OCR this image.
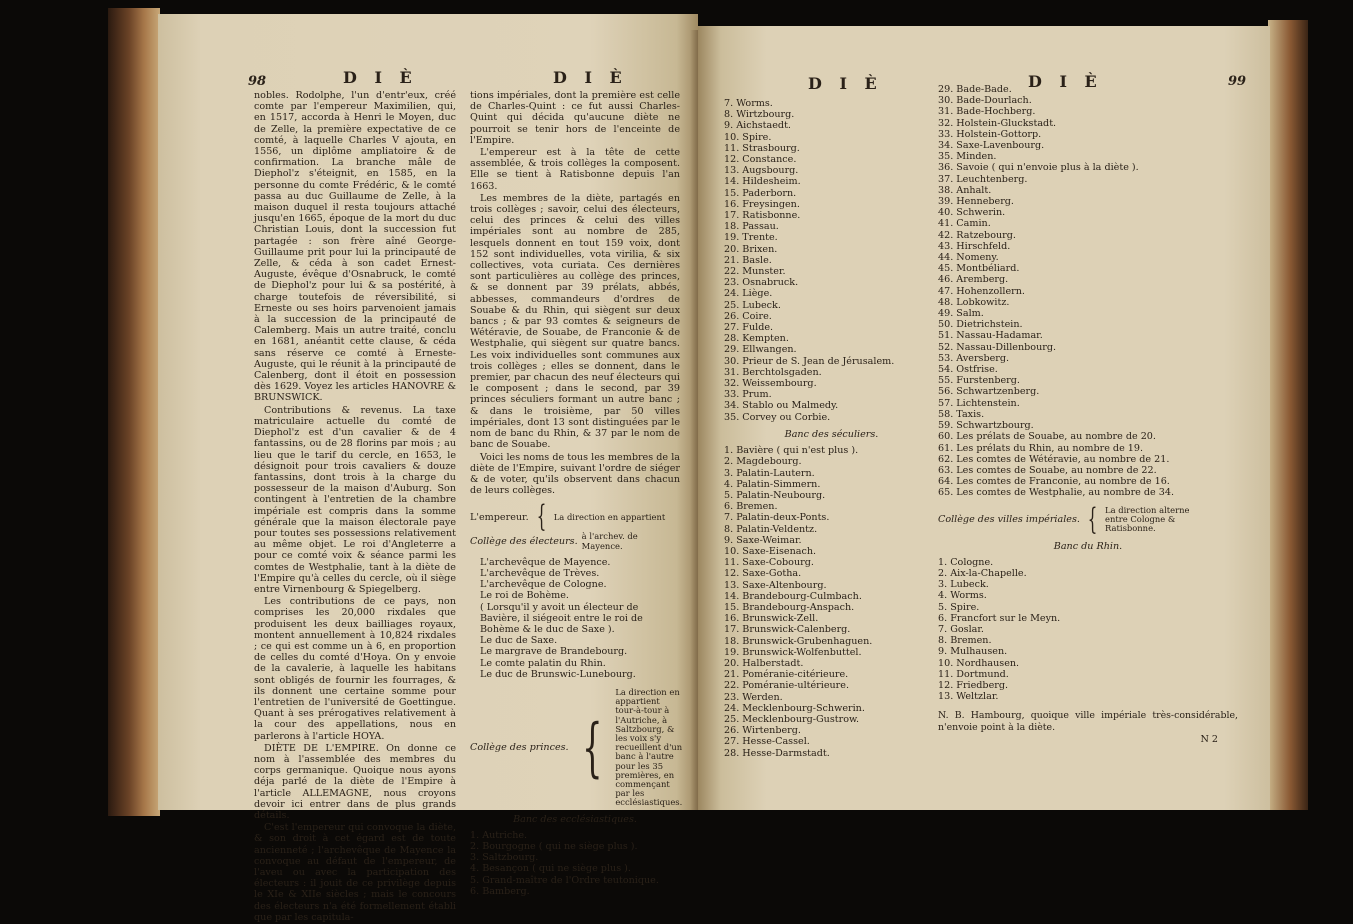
98	D I È	D I È

nobles. Rodolphe, l'un d'entr'eux, créé comte par l'empereur Maximilien, qui, en 1517, accorda à Henri le Moyen, duc de Zelle, la première expectative de ce comté, à laquelle Charles V ajouta, en 1556, un diplôme ampliatoire & de confirmation. La branche mâle de Diephol'z s'éteignit, en 1585, en la personne du comte Frédéric, & le comté passa au duc Guillaume de Zelle, à la maison duquel il resta toujours attaché jusqu'en 1665, époque de la mort du duc Christian Louis, dont la succession fut partagée : son frère aîné George-Guillaume prit pour lui la principauté de Zelle, & céda à son cadet Ernest-Auguste, évêque d'Osnabruck, le comté de Diephol'z pour lui & sa postérité, à charge toutefois de réversibilité, si Erneste ou ses hoirs parvenoient jamais à la succession de la principauté de Calemberg. Mais un autre traité, conclu en 1681, anéantit cette clause, & céda sans réserve ce comté à Erneste-Auguste, qui le réunit à la principauté de Calenberg, dont il étoit en possession dès 1629. Voyez les articles HANOVRE & BRUNSWICK.

Contributions & revenus. La taxe matriculaire actuelle du comté de Diephol'z est d'un cavalier & de 4 fantassins, ou de 28 florins par mois ; au lieu que le tarif du cercle, en 1653, le désignoit pour trois cavaliers & douze fantassins, dont trois à la charge du possesseur de la maison d'Auburg. Son contingent à l'entretien de la chambre impériale est compris dans la somme générale que la maison électorale paye pour toutes ses possessions relativement au même objet. Le roi d'Angleterre a pour ce comté voix & séance parmi les comtes de Westphalie, tant à la diète de l'Empire qu'à celles du cercle, où il siège entre Virnenbourg & Spiegelberg.

Les contributions de ce pays, non comprises les 20,000 rixdales que produisent les deux bailliages royaux, montent annuellement à 10,824 rixdales ; ce qui est comme un à 6, en proportion de celles du comté d'Hoya. On y envoie de la cavalerie, à laquelle les habitans sont obligés de fournir les fourrages, & ils donnent une certaine somme pour l'entretien de l'université de Goettingue. Quant à ses prérogatives relativement à la cour des appellations, nous en parlerons à l'article HOYA.

DIÈTE DE L'EMPIRE. On donne ce nom à l'assemblée des membres du corps germanique. Quoique nous ayons déja parlé de la diète de l'Empire à l'article ALLEMAGNE, nous croyons devoir ici entrer dans de plus grands détails.

C'est l'empereur qui convoque la diète, & son droit à cet égard est de toute ancienneté ; l'archevêque de Mayence la convoque au défaut de l'empereur, de l'aveu ou avec la participation des électeurs : il jouit de ce privilège depuis le XIe & XIIe siècles ; mais le concours des électeurs n'a été formellement établi que par les capitula-

tions impériales, dont la première est celle de Charles-Quint : ce fut aussi Charles-Quint qui décida qu'aucune diète ne pourroit se tenir hors de l'enceinte de l'Empire.

L'empereur est à la tête de cette assemblée, & trois collèges la composent. Elle se tient à Ratisbonne depuis l'an 1663.

Les membres de la diète, partagés en trois collèges ; savoir, celui des électeurs, celui des princes & celui des villes impériales sont au nombre de 285, lesquels donnent en tout 159 voix, dont 152 sont individuelles, vota virilia, & six collectives, vota curiata. Ces dernières sont particulières au collège des princes, & se donnent par 39 prélats, abbés, abbesses, commandeurs d'ordres de Souabe & du Rhin, qui siègent sur deux bancs ; & par 93 comtes & seigneurs de Wétéravie, de Souabe, de Franconie & de Westphalie, qui siègent sur quatre bancs. Les voix individuelles sont communes aux trois collèges ; elles se donnent, dans le premier, par chacun des neuf électeurs qui le composent ; dans le second, par 39 princes séculiers formant un autre banc ; & dans le troisième, par 50 villes impériales, dont 13 sont distinguées par le nom de banc du Rhin, & 37 par le nom de banc de Souabe.

Voici les noms de tous les membres de la diète de l'Empire, suivant l'ordre de siéger & de voter, qu'ils observent dans chacun de leurs collèges.

L'empereur. { La direction en appartient
Collège des électeurs. à l'archev. de Mayence.
L'archevêque de Mayence.
L'archevêque de Trèves.
L'archevêque de Cologne.
Le roi de Bohème.
( Lorsqu'il y avoit un électeur de Bavière, il siégeoit entre le roi de Bohème & le duc de Saxe ).
Le duc de Saxe.
Le margrave de Brandebourg.
Le comte palatin du Rhin.
Le duc de Brunswic-Lunebourg.
Collège des princes. {
La direction en appartient tour-à-tour à l'Autriche, à Saltzbourg, & les voix s'y recueillent d'un banc à l'autre pour les 35 premières, en commençant par les ecclésiastiques.
Banc des ecclésiastiques.
1. Autriche.
2. Bourgogne ( qui ne siège plus ).
3. Saltzbourg.
4. Besançon ( qui ne siège plus ).
5. Grand-maître de l'Ordre teutonique.
6. Bamberg.
D I È	D I È	99
7. Worms.
8. Wirtzbourg.
9. Aichstaedt.
10. Spire.
11. Strasbourg.
12. Constance.
13. Augsbourg.
14. Hildesheim.
15. Paderborn.
16. Freysingen.
17. Ratisbonne.
18. Passau.
19. Trente.
20. Brixen.
21. Basle.
22. Munster.
23. Osnabruck.
24. Liège.
25. Lubeck.
26. Coire.
27. Fulde.
28. Kempten.
29. Ellwangen.
30. Prieur de S. Jean de Jérusalem.
31. Berchtolsgaden.
32. Weissembourg.
33. Prum.
34. Stablo ou Malmedy.
35. Corvey ou Corbie.
Banc des séculiers.
1. Bavière ( qui n'est plus ).
2. Magdebourg.
3. Palatin-Lautern.
4. Palatin-Simmern.
5. Palatin-Neubourg.
6. Bremen.
7. Palatin-deux-Ponts.
8. Palatin-Veldentz.
9. Saxe-Weimar.
10. Saxe-Eisenach.
11. Saxe-Cobourg.
12. Saxe-Gotha.
13. Saxe-Altenbourg.
14. Brandebourg-Culmbach.
15. Brandebourg-Anspach.
16. Brunswick-Zell.
17. Brunswick-Calenberg.
18. Brunswick-Grubenhaguen.
19. Brunswick-Wolfenbuttel.
20. Halberstadt.
21. Poméranie-citérieure.
22. Poméranie-ultérieure.
23. Werden.
24. Mecklenbourg-Schwerin.
25. Mecklenbourg-Gustrow.
26. Wirtenberg.
27. Hesse-Cassel.
28. Hesse-Darmstadt.
29. Bade-Bade.
30. Bade-Dourlach.
31. Bade-Hochberg.
32. Holstein-Gluckstadt.
33. Holstein-Gottorp.
34. Saxe-Lavenbourg.
35. Minden.
36. Savoie ( qui n'envoie plus à la diète ).
37. Leuchtenberg.
38. Anhalt.
39. Henneberg.
40. Schwerin.
41. Camin.
42. Ratzebourg.
43. Hirschfeld.
44. Nomeny.
45. Montbéliard.
46. Aremberg.
47. Hohenzollern.
48. Lobkowitz.
49. Salm.
50. Dietrichstein.
51. Nassau-Hadamar.
52. Nassau-Dillenbourg.
53. Aversberg.
54. Ostfrise.
55. Furstenberg.
56. Schwartzenberg.
57. Lichtenstein.
58. Taxis.
59. Schwartzbourg.
60. Les prélats de Souabe, au nombre de 20.
61. Les prélats du Rhin, au nombre de 19.
62. Les comtes de Wétéravie, au nombre de 21.
63. Les comtes de Souabe, au nombre de 22.
64. Les comtes de Franconie, au nombre de 16.
65. Les comtes de Westphalie, au nombre de 34.
Collège des villes impériales. { La direction alterne entre Cologne & Ratisbonne.
Banc du Rhin.
1. Cologne.
2. Aix-la-Chapelle.
3. Lubeck.
4. Worms.
5. Spire.
6. Francfort sur le Meyn.
7. Goslar.
8. Bremen.
9. Mulhausen.
10. Nordhausen.
11. Dortmund.
12. Friedberg.
13. Weltzlar.

N. B. Hambourg, quoique ville impériale très-considérable, n'envoie point à la diète.

N 2
